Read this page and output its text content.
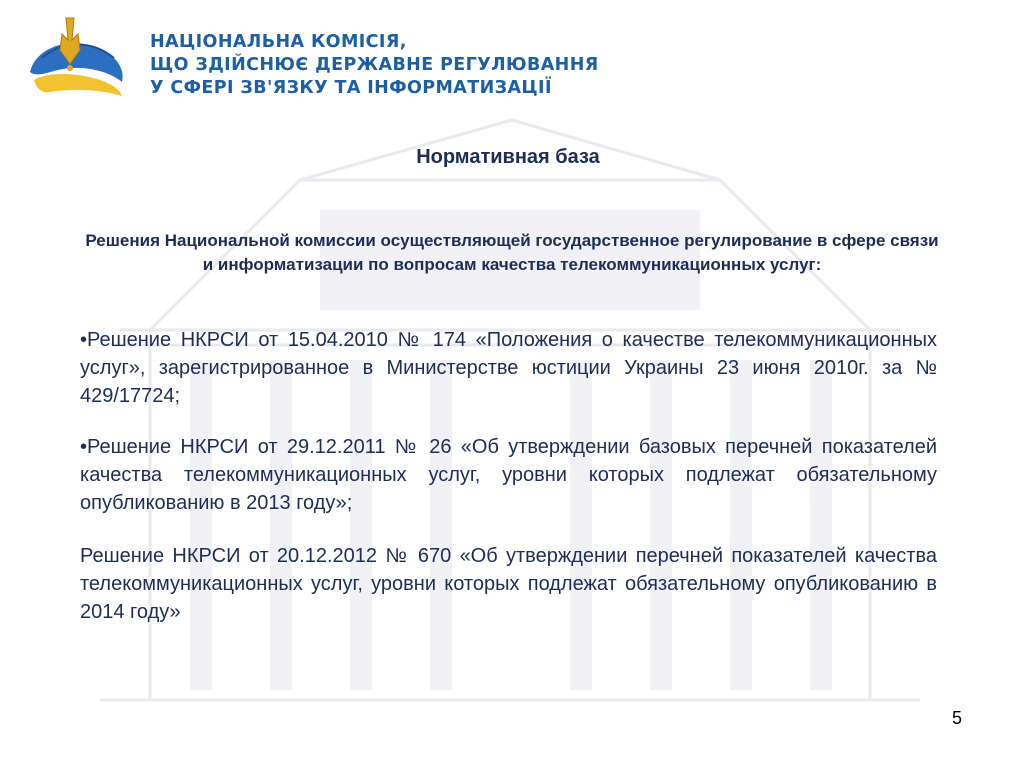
НАЦІОНАЛЬНА КОМІСІЯ,
ЩО ЗДІЙСНЮЄ ДЕРЖАВНЕ РЕГУЛЮВАННЯ
У СФЕРІ ЗВ'ЯЗКУ ТА ІНФОРМАТИЗАЦІЇ
Нормативная база
Решения Национальной комиссии осуществляющей государственное регулирование в сфере связи и информатизации по вопросам качества телекоммуникационных услуг:
•Решение НКРСИ от 15.04.2010 № 174 «Положения о качестве телекоммуникационных услуг», зарегистрированное в Министерстве юстиции Украины 23 июня 2010г. за № 429/17724;
•Решение НКРСИ от 29.12.2011 № 26 «Об утверждении базовых перечней показателей качества телекоммуникационных услуг, уровни которых подлежат обязательному опубликованию в 2013 году»;
Решение НКРСИ от 20.12.2012 № 670 «Об утверждении перечней показателей качества телекоммуникационных услуг, уровни которых подлежат обязательному опубликованию в 2014 году»
5
